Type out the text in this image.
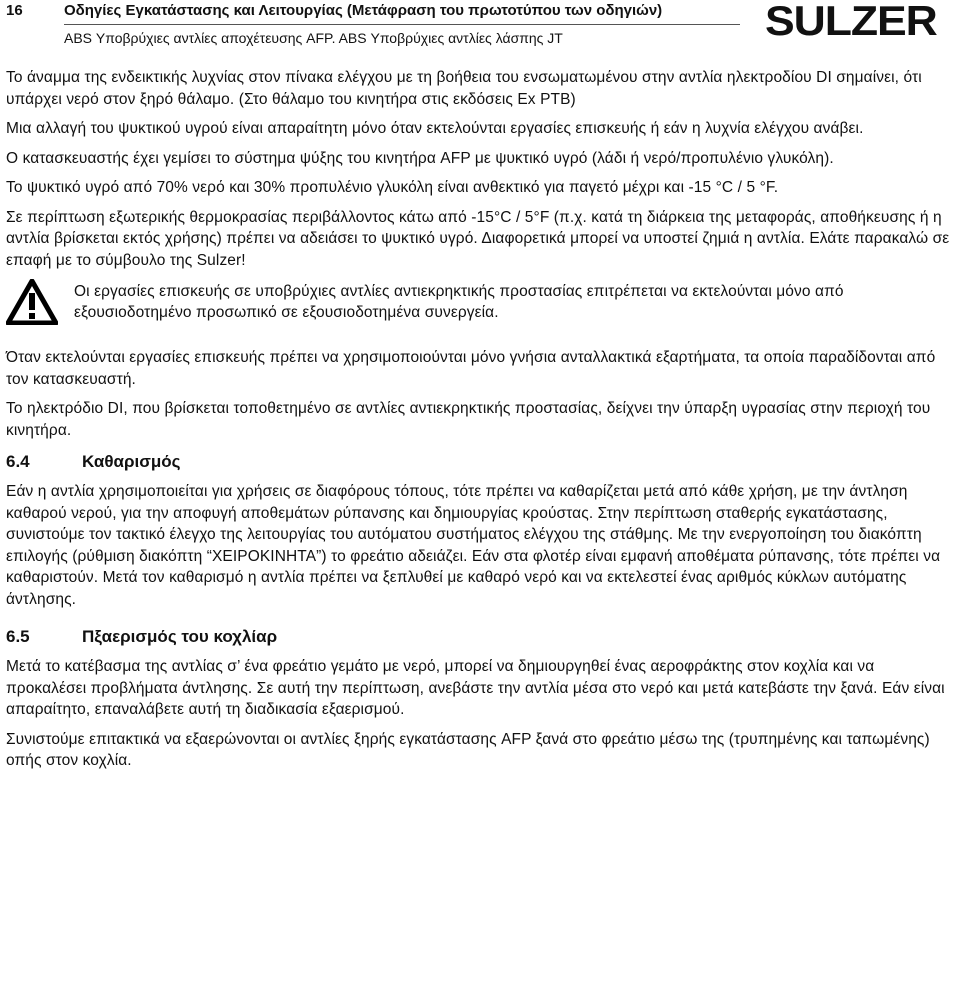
16	Οδηγίες Εγκατάστασης και Λειτουργίας (Μετάφραση του πρωτοτύπου των οδηγιών)
ABS Υποβρύχιες αντλίες αποχέτευσης AFP. ABS Υποβρύχιες αντλίες λάσπης JT	SULZER

Το άναμμα της ενδεικτικής λυχνίας στον πίνακα ελέγχου με τη βοήθεια του ενσωματωμένου στην αντλία ηλεκτροδίου DI σημαίνει, ότι υπάρχει νερό στον ξηρό θάλαμο. (Στο θάλαμο του κινητήρα στις εκδόσεις Ex PTB)

Μια αλλαγή του ψυκτικού υγρού είναι απαραίτητη μόνο όταν εκτελούνται εργασίες επισκευής ή εάν η λυχνία ελέγχου ανάβει.

Ο κατασκευαστής έχει γεμίσει το σύστημα ψύξης του κινητήρα AFP με ψυκτικό υγρό (λάδι ή νερό/προπυλένιο γλυκόλη).

Το ψυκτικό υγρό από 70% νερό και 30% προπυλένιο γλυκόλη είναι ανθεκτικό για παγετό μέχρι και -15 °C / 5 °F.

Σε περίπτωση εξωτερικής θερμοκρασίας περιβάλλοντος κάτω από -15°C / 5°F (π.χ. κατά τη διάρκεια της μεταφοράς, αποθήκευσης ή η αντλία βρίσκεται εκτός χρήσης) πρέπει να αδειάσει το ψυκτικό υγρό. Διαφορετικά μπορεί να υποστεί ζημιά η αντλία. Ελάτε παρακαλώ σε επαφή με το σύμβουλο της Sulzer!

Οι εργασίες επισκευής σε υποβρύχιες αντλίες αντιεκρηκτικής προστασίας επιτρέπεται να εκτελούνται μόνο από εξουσιοδοτημένο προσωπικό σε εξουσιοδοτημένα συνεργεία.

Όταν εκτελούνται εργασίες επισκευής πρέπει να χρησιμοποιούνται μόνο γνήσια ανταλλακτικά εξαρτήματα, τα οποία παραδίδονται από τον κατασκευαστή.

Το ηλεκτρόδιο DI, που βρίσκεται τοποθετημένο σε αντλίες αντιεκρηκτικής προστασίας, δείχνει την ύπαρξη υγρασίας στην περιοχή του κινητήρα.

6.4	Καθαρισμός

Εάν η αντλία χρησιμοποιείται για χρήσεις σε διαφόρους τόπους, τότε πρέπει να καθαρίζεται μετά από κάθε χρήση, με την άντληση καθαρού νερού, για την αποφυγή αποθεμάτων ρύπανσης και δημιουργίας κρούστας. Στην περίπτωση σταθερής εγκατάστασης, συνιστούμε τον τακτικό έλεγχο της λειτουργίας του αυτόματου συστήματος ελέγχου της στάθμης. Με την ενεργοποίηση του διακόπτη επιλογής (ρύθμιση διακόπτη “ΧΕΙΡΟΚΙΝΗΤΑ”) το φρεάτιο αδειάζει. Εάν στα φλοτέρ είναι εμφανή αποθέματα ρύπανσης, τότε πρέπει να καθαριστούν. Μετά τον καθαρισμό η αντλία πρέπει να ξεπλυθεί με καθαρό νερό και να εκτελεστεί ένας αριθμός κύκλων αυτόματης άντλησης.

6.5	Πξαερισμός του κοχλίαρ

Μετά το κατέβασμα της αντλίας σ’ ένα φρεάτιο γεμάτο με νερό, μπορεί να δημιουργηθεί ένας αεροφράκτης στον κοχλία και να προκαλέσει προβλήματα άντλησης. Σε αυτή την περίπτωση, ανεβάστε την αντλία μέσα στο νερό και μετά κατεβάστε την ξανά. Εάν είναι απαραίτητο, επαναλάβετε αυτή τη διαδικασία εξαερισμού.

Συνιστούμε επιτακτικά να εξαερώνονται οι αντλίες ξηρής εγκατάστασης AFP ξανά στο φρεάτιο μέσω της (τρυπημένης και ταπωμένης) οπής στον κοχλία.
